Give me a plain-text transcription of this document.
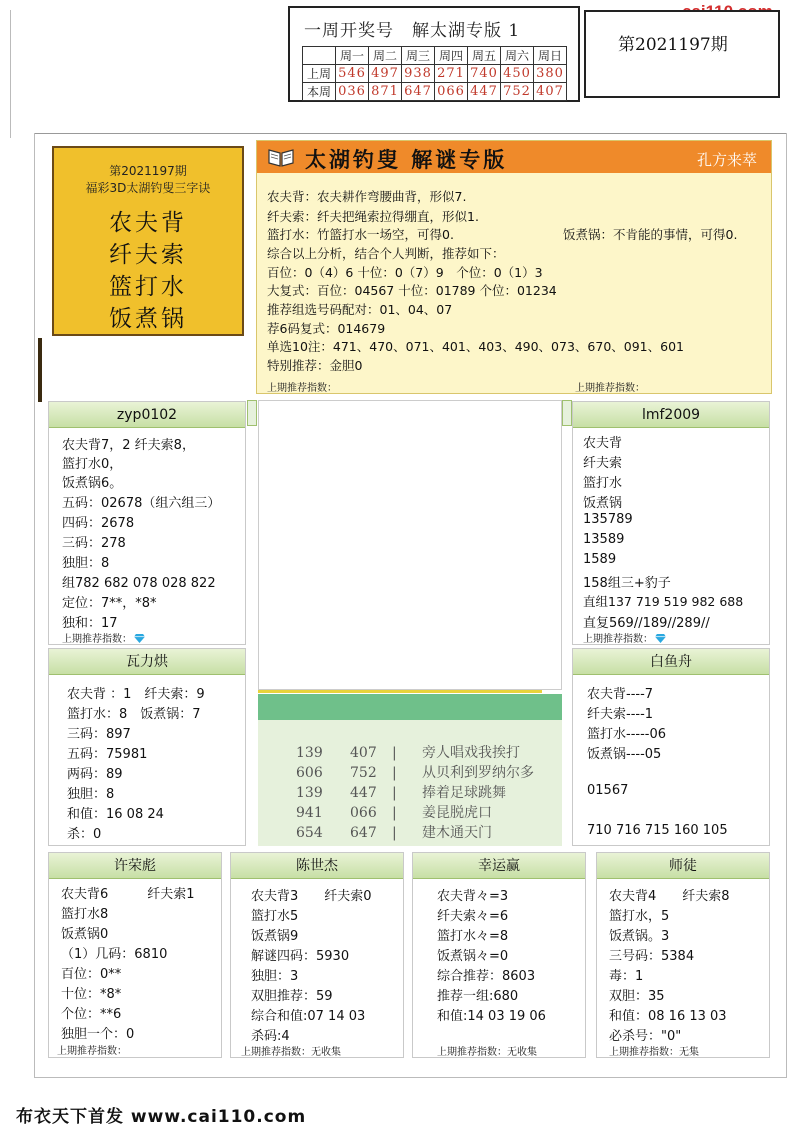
一周开奖号　解太湖专版 1
	周一	周二	周三	周四	周五	周六	周日
上周	546	497	938	271	740	450	380
本周	036	871	647	066	447	752	407
第2021197期
第2021197期
福彩3D太湖钓叟三字诀
农夫背
纤夫索
篮打水
饭煮锅
太湖钓叟 解谜专版	孔方来萃
农夫背：农夫耕作弯腰曲背，形似7.
纤夫索：纤夫把绳索拉得绷直，形似1.
篮打水：竹篮打水一场空，可得0.	饭煮锅：不肯能的事情，可得0.
综合以上分析，结合个人判断，推荐如下：
百位：0（4）6 十位：0（7）9　个位：0（1）3
大复式：百位：04567 十位：01789 个位：01234
推荐组选号码配对：01、04、07
荐6码复式：014679
单选10注：471、470、071、401、403、490、073、670、091、601
特别推荐：金胆0
上期推荐指数：	上期推荐指数：
zyp0102
农夫背7，2 纤夫索8，
篮打水0，
饭煮锅6。
五码：02678（组六组三）
四码：2678
三码：278
独胆：8
组782 682 078 028 822
定位：7**，*8*
独和：17
上期推荐指数：
lmf2009
农夫背
纤夫索
篮打水
饭煮锅
135789
13589
1589
158组三+豹子
直组137 719 519 982 688
直复569//189//289//
上期推荐指数：
139 407 | 旁人唱戏我挨打
606 752 | 从贝利到罗纳尔多
139 447 | 捧着足球跳舞
941 066 | 姜昆脱虎口
654 647 | 建木通天门
瓦力烘
农夫背 ：1　纤夫索：9
篮打水：8　饭煮锅：7
三码：897
五码：75981
两码：89
独胆：8
和值：16 08 24
杀：0
白鱼舟
农夫背----7
纤夫索----1
篮打水-----06
饭煮锅----05
01567
710 716 715 160 105
许荣彪
农夫背6　　　纤夫索1
篮打水8
饭煮锅0
（1）几码：6810
百位：0**
十位：*8*
个位：**6
独胆一个：0
上期推荐指数：
陈世杰
农夫背3　　纤夫索0
篮打水5
饭煮锅9
解谜四码：5930
独胆：3
双胆推荐：59
综合和值:07 14 03
杀码:4
上期推荐指数：无收集
幸运赢
农夫背々=3
纤夫索々=6
篮打水々=8
饭煮锅々=0
综合推荐：8603
推荐一组:680
和值:14 03 19 06
上期推荐指数：无收集
师徒
农夫背4　　纤夫索8
篮打水，5
饭煮锅。3
三号码：5384
毒：1
双胆：35
和值：08 16 13 03
必杀号："0"
上期推荐指数：无集
布衣天下首发 www.cai110.com
